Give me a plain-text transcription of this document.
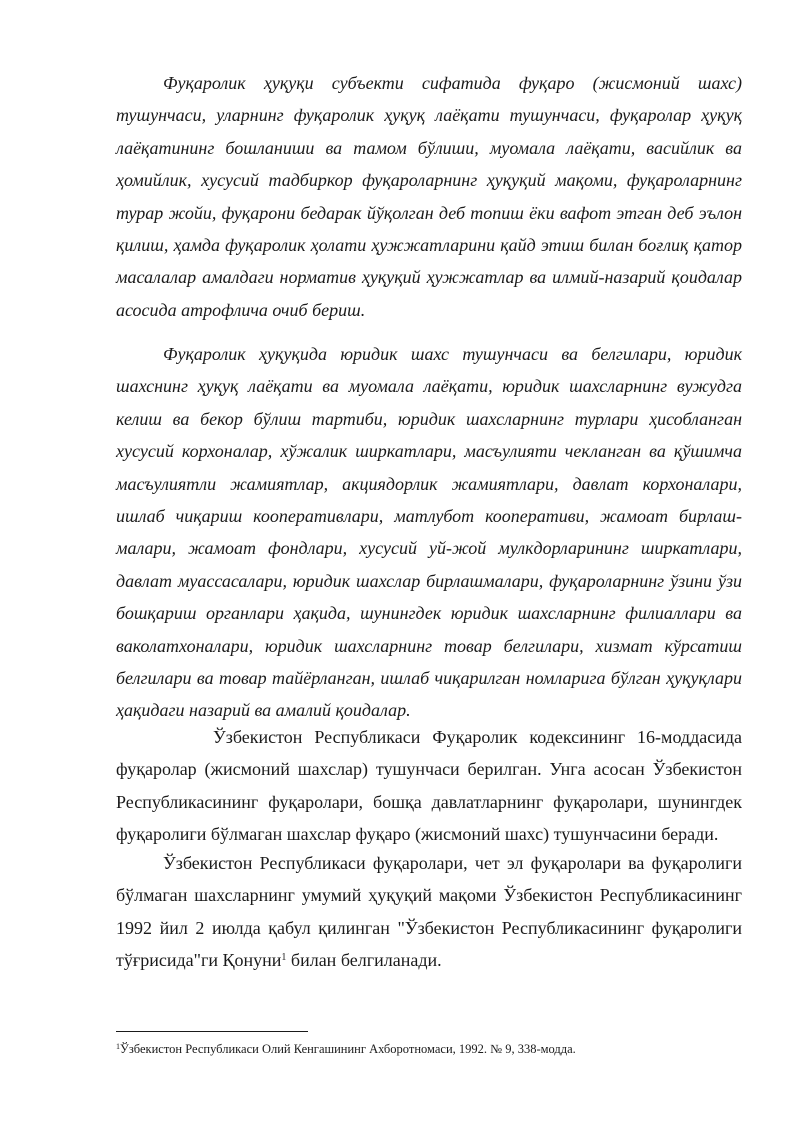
Фуқаролик ҳуқуқи субъекти сифатида фуқаро (жисмоний шахс) тушунчаси, уларнинг фуқаролик ҳуқуқ лаёқати тушунчаси, фуқаролар ҳуқуқ лаёқатининг бошланиши ва тамом бўлиши, муомала лаёқати, васийлик ва ҳомийлик, хусусий тадбиркор фуқароларнинг ҳуқуқий мақоми, фуқароларнинг турар жойи, фуқарони бедарак йўқолган деб топиш ёки вафот этган деб эълон қилиш, ҳамда фуқаролик ҳолати ҳужжатларини қайд этиш билан боғлиқ қатор масалалар амалдаги норматив ҳуқуқий ҳужжатлар ва илмий-назарий қоидалар асосида атрофлича очиб бериш.

Фуқаролик ҳуқуқида юридик шахс тушунчаси ва белгилари, юридик шахснинг ҳуқуқ лаёқати ва муомала лаёқати, юридик шахсларнинг вужудга келиш ва бекор бўлиш тартиби, юридик шахсларнинг турлари ҳисобланган хусусий корхоналар, хўжалик ширкатлари, масъулияти чекланган ва қўшимча масъулиятли жамиятлар, акциядорлик жамиятлари, давлат корхоналари, ишлаб чиқариш кооперативлари, матлубот кооперативи, жамоат бирлаш-малари, жамоат фондлари, хусусий уй-жой мулкдорларининг ширкатлари, давлат муассасалари, юридик шахслар бирлашмалари, фуқароларнинг ўзини ўзи бошқариш органлари ҳақида, шунингдек юридик шахсларнинг филиаллари ва ваколатхоналари, юридик шахсларнинг товар белгилари, хизмат кўрсатиш белгилари ва товар тайёрланган, ишлаб чиқарилган номларига бўлган ҳуқуқлари ҳақидаги назарий ва амалий қоидалар.

Ўзбекистон Республикаси Фуқаролик кодексининг 16-моддасида фуқаролар (жисмоний шахслар) тушунчаси берилган. Унга асосан Ўзбекистон Республикасининг фуқаролари, бошқа давлатларнинг фуқаролари, шунингдек фуқаролиги бўлмаган шахслар фуқаро (жисмоний шахс) тушунчасини беради.

Ўзбекистон Республикаси фуқаролари, чет эл фуқаролари ва фуқаролиги бўлмаган шахсларнинг умумий ҳуқуқий мақоми Ўзбекистон Республикасининг 1992 йил 2 июлда қабул қилинган "Ўзбекистон Республикасининг фуқаролиги тўғрисида"ги Қонуни$^1$ билан белгиланади.

$^1$Ўзбекистон Республикаси Олий Кенгашининг Ахборотномаси, 1992. № 9, 338-модда.
